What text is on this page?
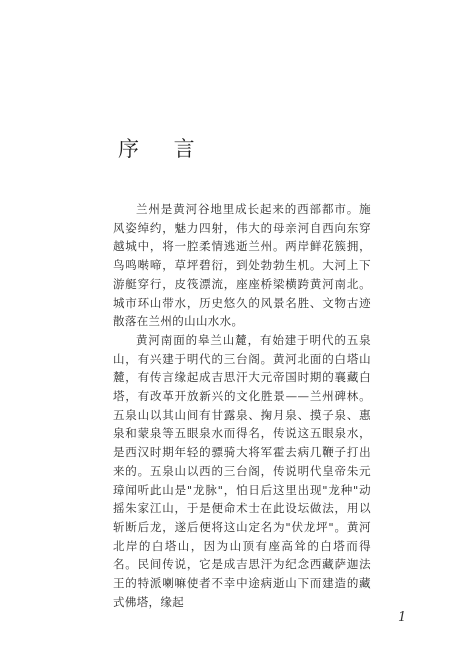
序 言

兰州是黄河谷地里成长起来的西部都市。施风姿绰约，魅力四射，伟大的母亲河自西向东穿越城中，将一腔柔情逃逝兰州。两岸鲜花簇拥，鸟鸣啭啼，草坪碧衍，到处勃勃生机。大河上下游艇穿行，皮筏漂流，座座桥梁横跨黄河南北。城市环山带水，历史悠久的风景名胜、文物古迹散落在兰州的山山水水。

黄河南面的皋兰山麓，有始建于明代的五泉山，有兴建于明代的三台阁。黄河北面的白塔山麓，有传言缘起成吉思汗大元帝国时期的襄藏白塔，有改革开放新兴的文化胜景——兰州碑林。五泉山以其山间有甘露泉、掬月泉、摸子泉、惠泉和蒙泉等五眼泉水而得名，传说这五眼泉水，是西汉时期年轻的骠骑大将军霍去病几鞭子打出来的。五泉山以西的三台阁，传说明代皇帝朱元璋闻听此山是"龙脉"，怕日后这里出现"龙种"动摇朱家江山，于是便命术士在此设坛做法，用以斩断后龙，遂后便将这山定名为"伏龙坪"。黄河北岸的白塔山，因为山顶有座高耸的白塔而得名。民间传说，它是成吉思汗为纪念西藏萨迦法王的特派喇嘛使者不幸中途病逝山下而建造的藏式佛塔，缘起

1
